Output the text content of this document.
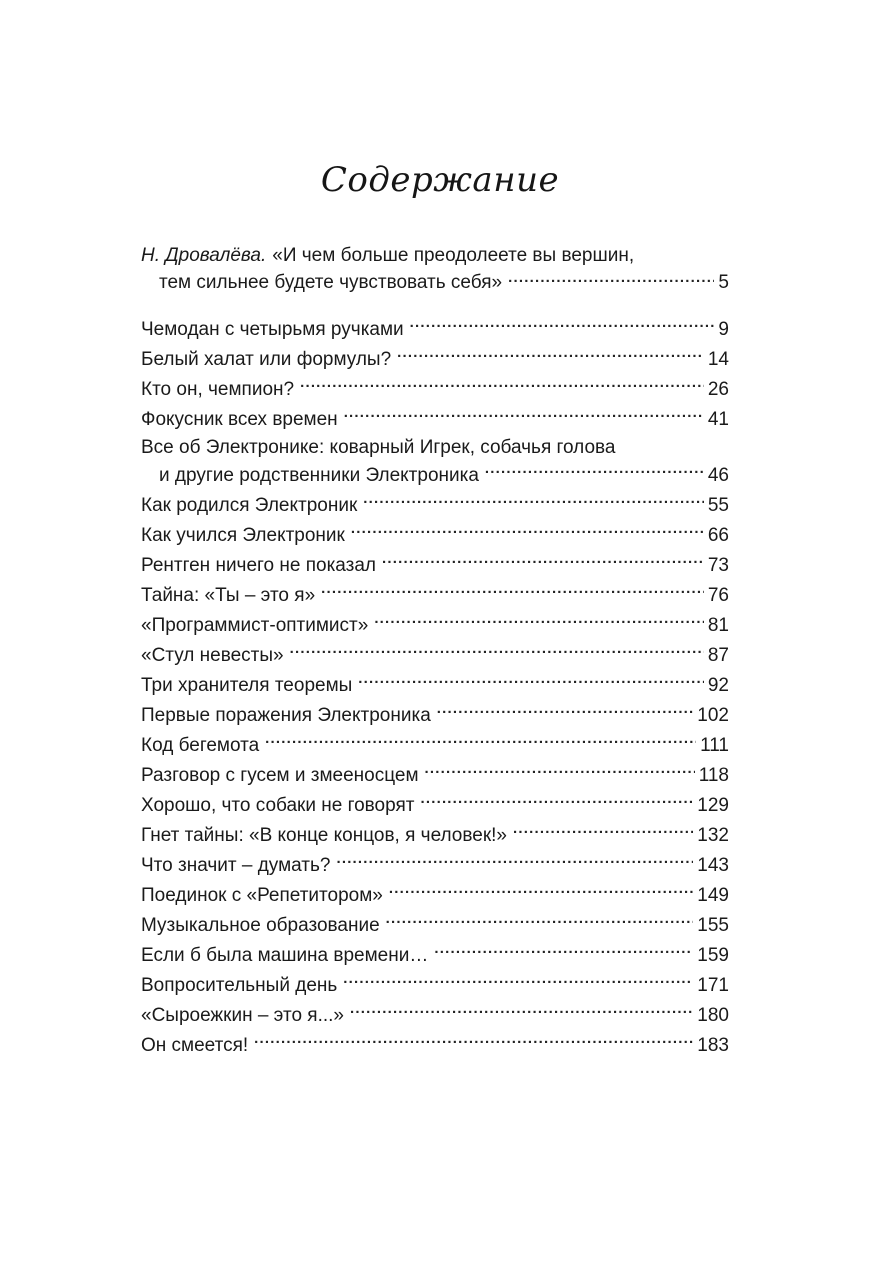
Содержание
Н. Дровалёва. «И чем больше преодолеете вы вершин,
тем сильнее будете чувствовать себя» .....	5
Чемодан с четырьмя ручками .....	9
Белый халат или формулы? .....	14
Кто он, чемпион? .....	26
Фокусник всех времен .....	41
Все об Электронике: коварный Игрек, собачья голова
и другие родственники Электроника .....	46
Как родился Электроник .....	55
Как учился Электроник .....	66
Рентген ничего не показал .....	73
Тайна: «Ты – это я» .....	76
«Программист-оптимист» .....	81
«Стул невесты» .....	87
Три хранителя теоремы .....	92
Первые поражения Электроника .....	102
Код бегемота .....	111
Разговор с гусем и змееносцем .....	118
Хорошо, что собаки не говорят .....	129
Гнет тайны: «В конце концов, я человек!» .....	132
Что значит – думать? .....	143
Поединок с «Репетитором» .....	149
Музыкальное образование .....	155
Если б была машина времени… .....	159
Вопросительный день .....	171
«Сыроежкин – это я...» .....	180
Он смеется! .....	183
